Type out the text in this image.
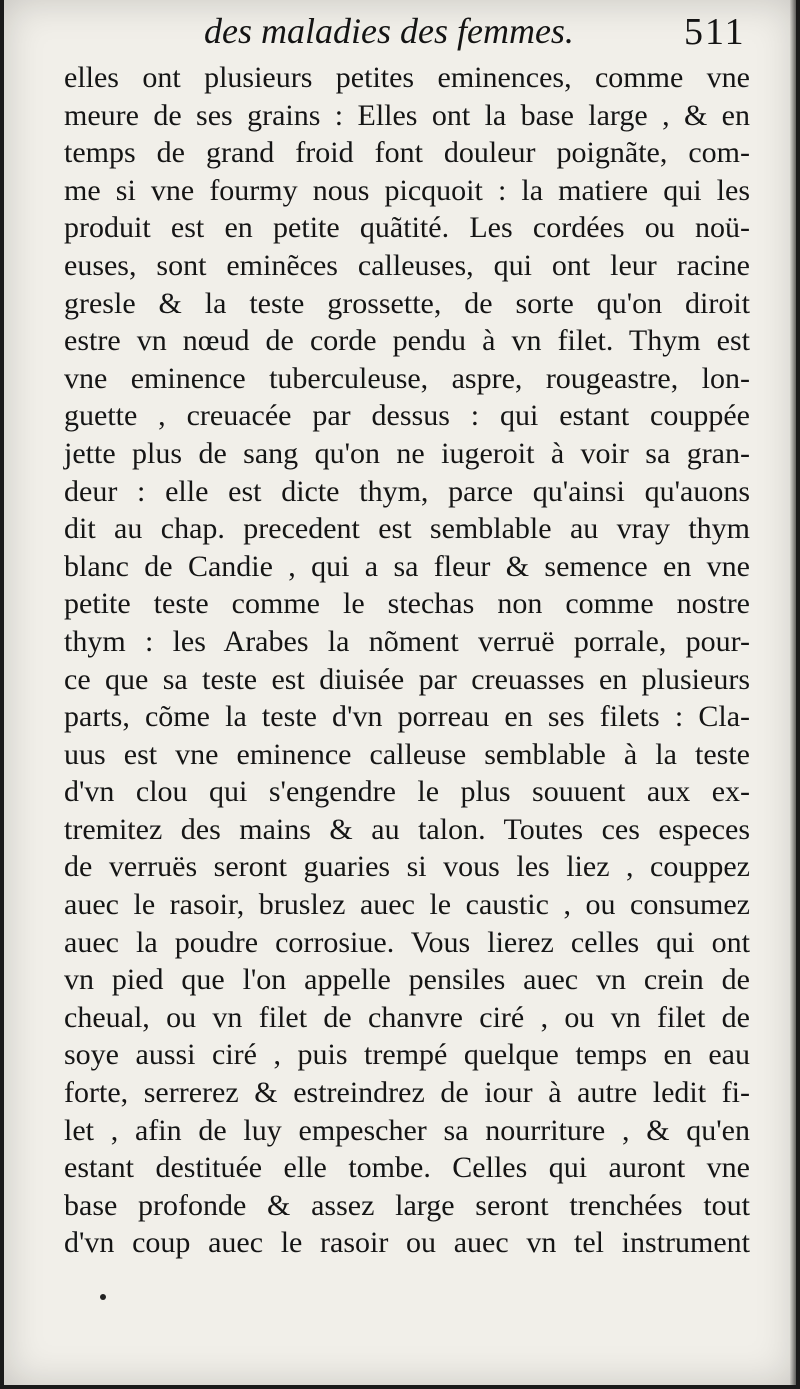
des maladies des femmes.	511
elles ont plusieurs petites eminences, comme vne
meure de ses grains : Elles ont la base large , & en
temps de grand froid font douleur poignãte, com-
me si vne fourmy nous picquoit : la matiere qui les
produit est en petite quãtité. Les cordées ou noü-
euses, sont eminẽces calleuses, qui ont leur racine
gresle & la teste grossette, de sorte qu'on diroit
estre vn nœud de corde pendu à vn filet. Thym est
vne eminence tuberculeuse, aspre, rougeastre, lon-
guette , creuacée par dessus : qui estant couppée
jette plus de sang qu'on ne iugeroit à voir sa gran-
deur : elle est dicte thym, parce qu'ainsi qu'auons
dit au chap. precedent est semblable au vray thym
blanc de Candie , qui a sa fleur & semence en vne
petite teste comme le stechas non comme nostre
thym : les Arabes la nõment verruë porrale, pour-
ce que sa teste est diuisée par creuasses en plusieurs
parts, cõme la teste d'vn porreau en ses filets : Cla-
uus est vne eminence calleuse semblable à la teste
d'vn clou qui s'engendre le plus souuent aux ex-
tremitez des mains & au talon. Toutes ces especes
de verruës seront guaries si vous les liez , couppez
auec le rasoir, bruslez auec le caustic , ou consumez
auec la poudre corrosiue. Vous lierez celles qui ont
vn pied que l'on appelle pensiles auec vn crein de
cheual, ou vn filet de chanvre ciré , ou vn filet de
soye aussi ciré , puis trempé quelque temps en eau
forte, serrerez & estreindrez de iour à autre ledit fi-
let , afin de luy empescher sa nourriture , & qu'en
estant destituée elle tombe. Celles qui auront vne
base profonde & assez large seront trenchées tout
d'vn coup auec le rasoir ou auec vn tel instrument
